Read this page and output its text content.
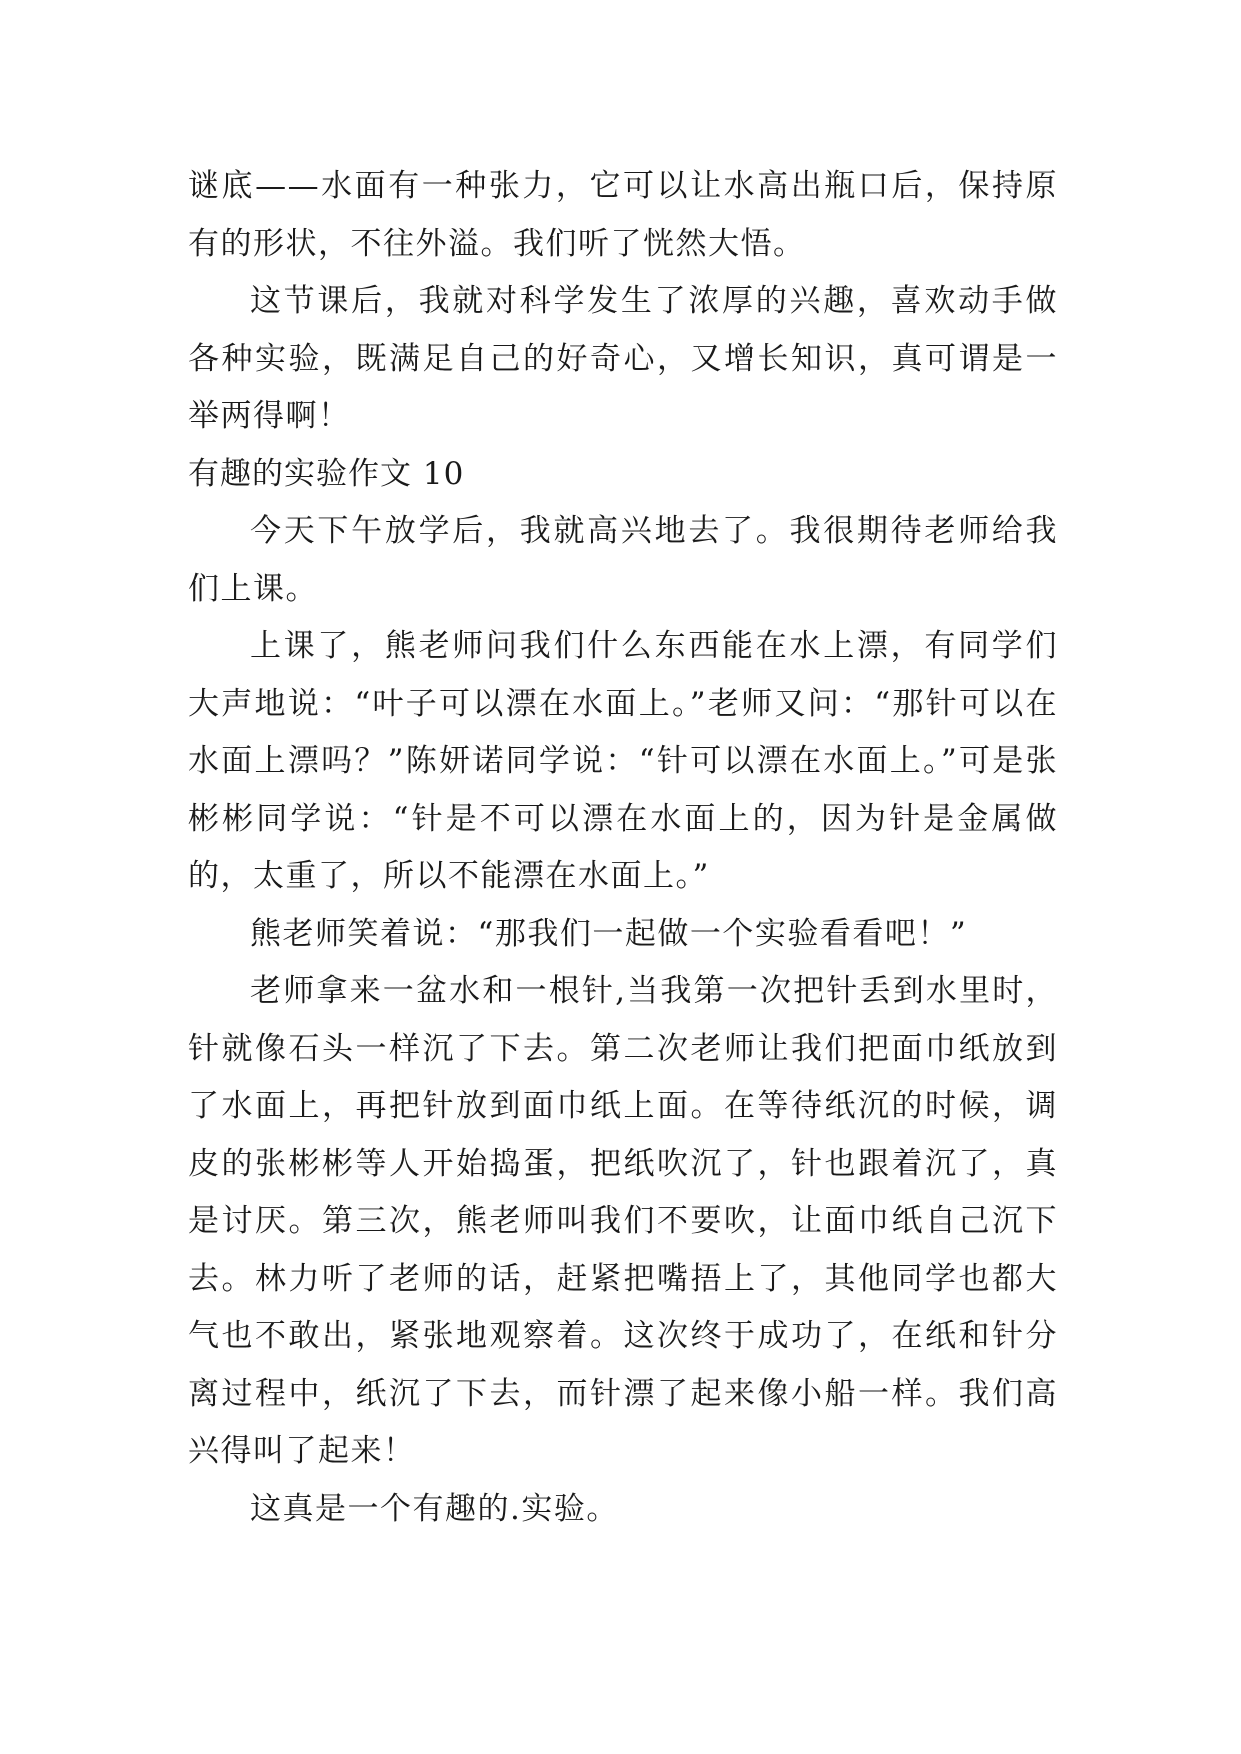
谜底——水面有一种张力，它可以让水高出瓶口后，保持原有的形状，不往外溢。我们听了恍然大悟。

这节课后，我就对科学发生了浓厚的兴趣，喜欢动手做各种实验，既满足自己的好奇心，又增长知识，真可谓是一举两得啊！

有趣的实验作文 10

今天下午放学后，我就高兴地去了。我很期待老师给我们上课。

上课了，熊老师问我们什么东西能在水上漂，有同学们大声地说：“叶子可以漂在水面上。”老师又问：“那针可以在水面上漂吗？”陈妍诺同学说：“针可以漂在水面上。”可是张彬彬同学说：“针是不可以漂在水面上的，因为针是金属做的，太重了，所以不能漂在水面上。”

熊老师笑着说：“那我们一起做一个实验看看吧！”

老师拿来一盆水和一根针,当我第一次把针丢到水里时，针就像石头一样沉了下去。第二次老师让我们把面巾纸放到了水面上，再把针放到面巾纸上面。在等待纸沉的时候，调皮的张彬彬等人开始捣蛋，把纸吹沉了，针也跟着沉了，真是讨厌。第三次，熊老师叫我们不要吹，让面巾纸自己沉下去。林力听了老师的话，赶紧把嘴捂上了，其他同学也都大气也不敢出，紧张地观察着。这次终于成功了，在纸和针分离过程中，纸沉了下去，而针漂了起来像小船一样。我们高兴得叫了起来！

这真是一个有趣的.实验。
